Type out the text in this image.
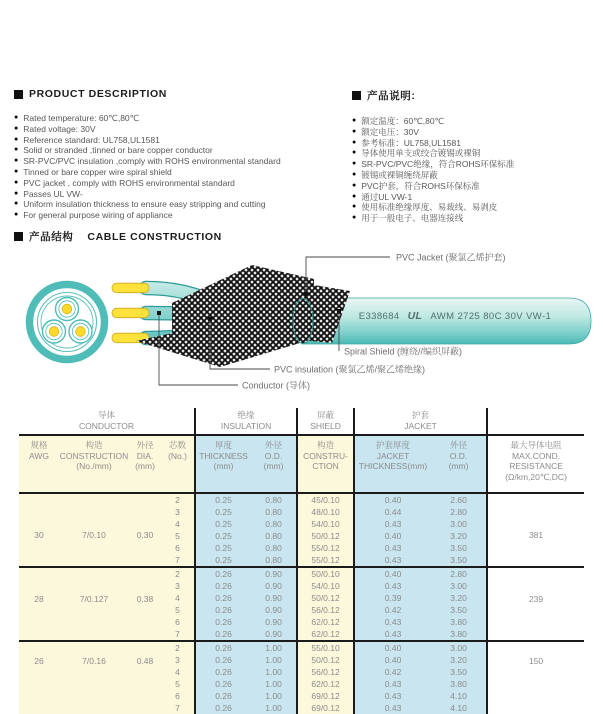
PRODUCT DESCRIPTION
● Rated temperature: 60℃,80℃
● Rated voltage: 30V
● Reference standard: UL758,UL1581
● Solid or stranded ,tinned or bare copper conductor
● SR-PVC/PVC insulation ,comply with ROHS environmental standard
● Tinned or bare copper wire spiral shield
● PVC jacket , comply with ROHS environmental standard
● Passes UL VW-
● Uniform insulation thickness to ensure easy stripping and cutting
● For general purpose wiring of appliance
产品说明:
● 额定温度：60℃,80℃
● 额定电压：30V
● 参考标准：UL758,UL1581
● 导体使用单支或绞合镀锡或裸铜
● SR-PVC/PVC绝缘，符合ROHS环保标准
● 镀锡或裸铜缠绕屏蔽
● PVC护套，符合ROHS环保标准
● 通过UL VW-1
● 使用标准绝缘厚度、易裁线、易剥皮
● 用于一般电子、电器连接线
产品结构 CABLE CONSTRUCTION
E338684 UL AWM 2725 80C 30V VW-1
PVC Jacket (聚氯乙烯护套)
Spiral Shield (缠绕//编织屏蔽)
PVC insulation (聚氯乙烯/聚乙烯绝缘)
Conductor (导体)
导体
CONDUCTOR				绝缘
INSULATION		屏蔽
SHIELD	护套
JACKET		
规格
AWG	构造
CONSTRUCTION
(No./mm)	外径
DIA.
(mm)	芯数
(No.)	厚度
THICKNESS
(mm)	外径
O.D.
(mm)	构造
CONSTRU-
CTION	护套厚度
JACKET
THICKNESS(mm)	外径
O.D.
(mm)	最大导体电阻
MAX.COND.
RESISTANCE
(Ω/km,20℃,DC)
30	7/0.10	0.30	2	0.25	0.80	45/0.10	0.40	2.60	381
			3	0.25	0.80	48/0.10	0.44	2.80	
			4	0.25	0.80	54/0.10	0.43	3.00	
			5	0.25	0.80	50/0.12	0.40	3.20	
			6	0.25	0.80	55/0.12	0.43	3.50	
			7	0.25	0.80	55/0.12	0.43	3.50	
28	7/0.127	0.38	2	0.26	0.90	50/0.10	0.40	2.80	239
			3	0.26	0.90	54/0.10	0.43	3.00	
			4	0.26	0.90	50/0.12	0.39	3.20	
			5	0.26	0.90	56/0.12	0.42	3.50	
			6	0.26	0.90	62/0.12	0.43	3.80	
			7	0.26	0.90	62/0.12	0.43	3.80	
26	7/0.16	0.48	2	0.26	1.00	55/0.10	0.40	3.00	150
			3	0.26	1.00	50/0.12	0.40	3.20	
			4	0.26	1.00	56/0.12	0.42	3.50	
			5	0.26	1.00	62/0.12	0.43	3.80	
			6	0.26	1.00	69/0.12	0.43	4.10	
			7	0.26	1.00	69/0.12	0.43	4.10	
